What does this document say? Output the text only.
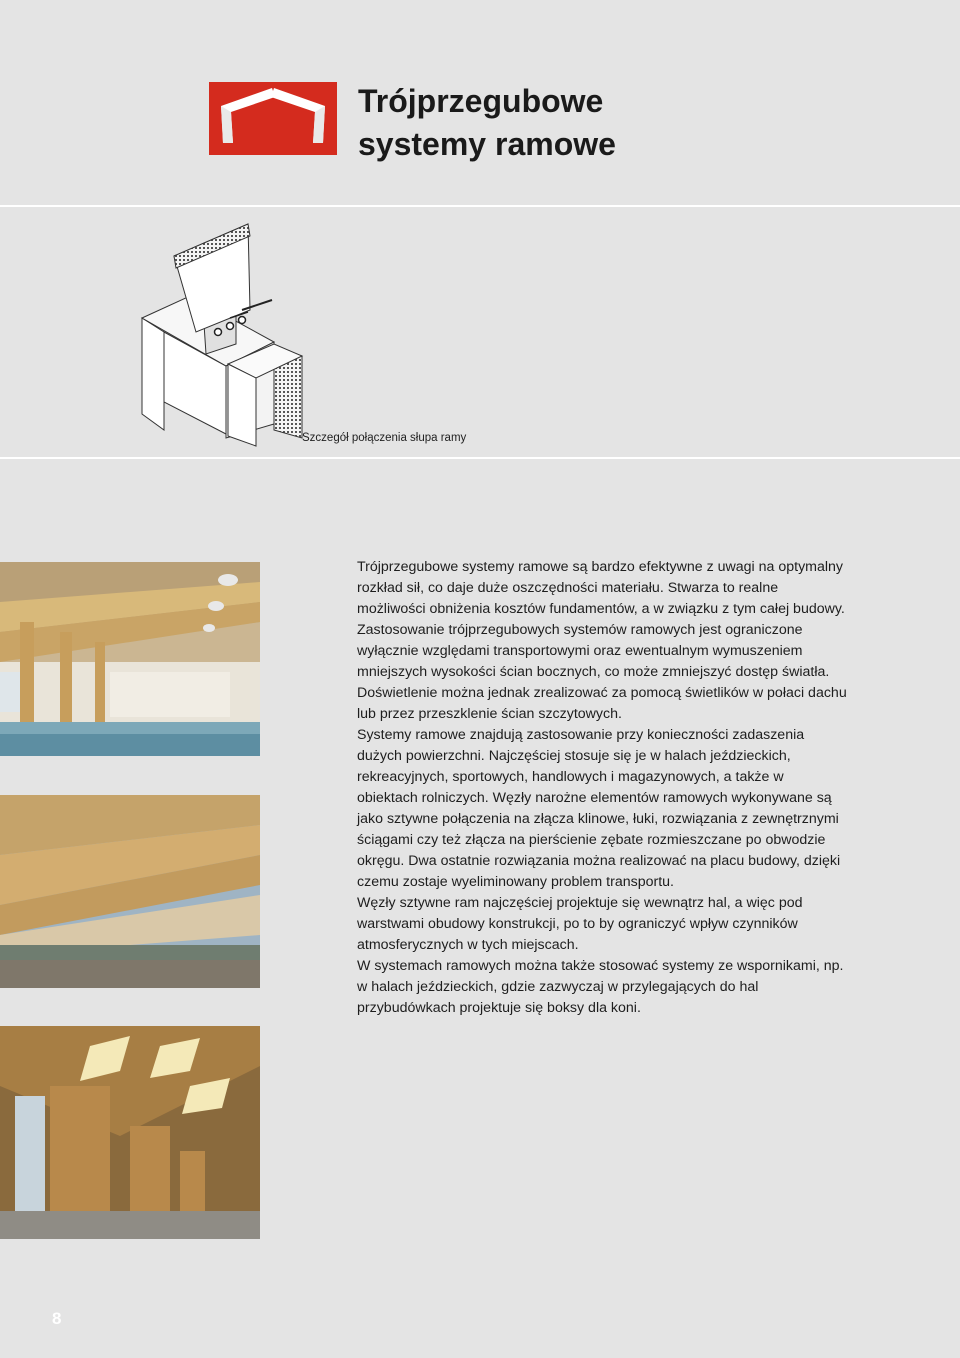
Trójprzegubowe
systemy ramowe
Szczegół połączenia słupa ramy

Trójprzegubowe systemy ramowe są bardzo efektywne z uwagi na optymalny rozkład sił, co daje duże oszczędności materiału. Stwarza to realne możliwości obniżenia kosztów fundamentów, a w związku z tym całej budowy. Zastosowanie trójprzegubowych systemów ramowych jest ograniczone wyłącznie względami transportowymi oraz ewentualnym wymuszeniem mniejszych wysokości ścian bocznych, co może zmniejszyć dostęp światła. Doświetlenie można jednak zrealizować za pomocą świetlików w połaci dachu lub przez przeszklenie ścian szczytowych.

Systemy ramowe znajdują zastosowanie przy konieczności zadaszenia dużych powierzchni. Najczęściej stosuje się je w halach jeździeckich, rekreacyjnych, sportowych, handlowych i magazynowych, a także w obiektach rolniczych. Węzły narożne elementów ramowych wykonywane są jako sztywne połączenia na złącza klinowe, łuki, rozwiązania z zewnętrznymi ściągami czy też złącza na pierścienie zębate rozmieszczane po obwodzie okręgu. Dwa ostatnie rozwiązania można realizować na placu budowy, dzięki czemu zostaje wyeliminowany problem transportu.

Węzły sztywne ram najczęściej projektuje się wewnątrz hal, a więc pod warstwami obudowy konstrukcji, po to by ograniczyć wpływ czynników atmosferycznych w tych miejscach.

W systemach ramowych można także stosować systemy ze wspornikami, np. w halach jeździeckich, gdzie zazwyczaj w przylegających do hal przybudówkach projektuje się boksy dla koni.

8
